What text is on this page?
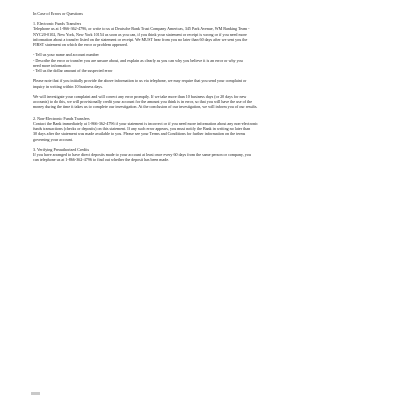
In Case of Errors or Questions
1. Electronic Funds Transfers
Telephone us at 1-866-362-4796, or write to us at Deutsche Bank Trust Company Americas, 345 Park Avenue, WM Banking Team -
NYC20-0102, New York, New York 10154 as soon as you can, if you think your statement or receipt is wrong or if you need more
information about a transfer listed on the statement or receipt. We MUST hear from you no later than 60 days after we sent you the
FIRST statement on which the error or problem appeared.
- Tell us your name and account number
- Describe the error or transfer you are unsure about, and explain as clearly as you can why you believe it is an error or why you
need more information
- Tell us the dollar amount of the suspected error
Please note that if you initially provide the above information to us via telephone, we may require that you send your complaint or
inquiry in writing within 10 business days.
We will investigate your complaint and will correct any error promptly. If we take more than 10 business days (or 20 days for new
accounts) to do this, we will provisionally credit your account for the amount you think is in error, so that you will have the use of the
money during the time it takes us to complete our investigation. At the conclusion of our investigation, we will inform you of our results.
2. Non-Electronic Funds Transfers
Contact the Bank immediately at 1-866-362-4796 if your statement is incorrect or if you need more information about any non-electronic
funds transactions (checks or deposits) on this statement. If any such error appears, you must notify the Bank in writing no later than
30 days after the statement was made available to you. Please see your Terms and Conditions for further information on the terms
governing your account.
3. Verifying Preauthorized Credits
If you have arranged to have direct deposits made to your account at least once every 60 days from the same person or company, you
can telephone us at 1-866-362-4796 to find out whether the deposit has been made.
